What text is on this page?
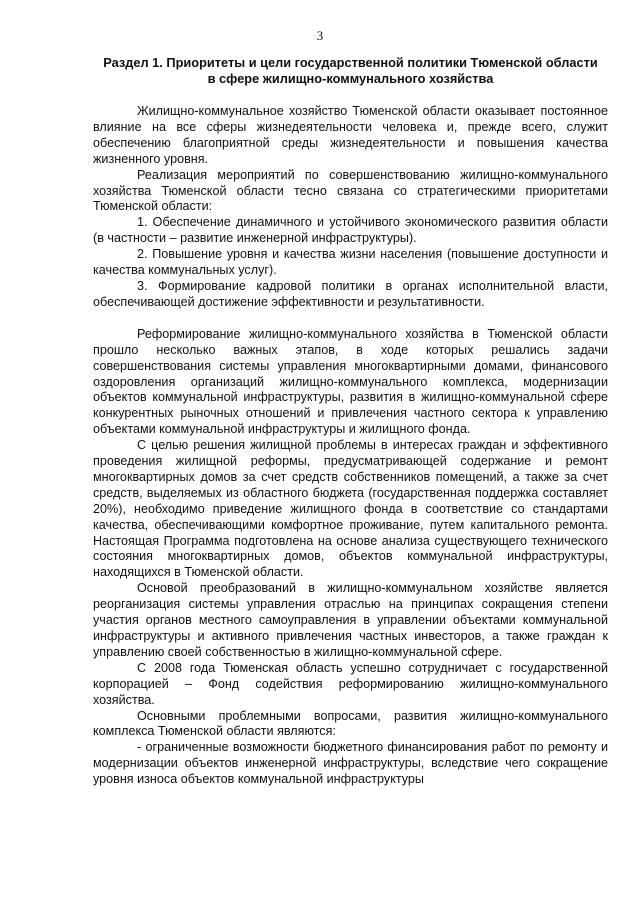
3
Раздел 1. Приоритеты и цели государственной политики Тюменской области в сфере жилищно-коммунального хозяйства

Жилищно-коммунальное хозяйство Тюменской области оказывает постоянное влияние на все сферы жизнедеятельности человека и, прежде всего, служит обеспечению благоприятной среды жизнедеятельности и повышения качества жизненного уровня.

Реализация мероприятий по совершенствованию жилищно-коммунального хозяйства Тюменской области тесно связана со стратегическими приоритетами Тюменской области:

1. Обеспечение динамичного и устойчивого экономического развития области (в частности – развитие инженерной инфраструктуры).

2. Повышение уровня и качества жизни населения (повышение доступности и качества коммунальных услуг).

3. Формирование кадровой политики в органах исполнительной власти, обеспечивающей достижение эффективности и результативности.

Реформирование жилищно-коммунального хозяйства в Тюменской области прошло несколько важных этапов, в ходе которых решались задачи совершенствования системы управления многоквартирными домами, финансового оздоровления организаций жилищно-коммунального комплекса, модернизации объектов коммунальной инфраструктуры, развития в жилищно-коммунальной сфере конкурентных рыночных отношений и привлечения частного сектора к управлению объектами коммунальной инфраструктуры и жилищного фонда.

С целью решения жилищной проблемы в интересах граждан и эффективного проведения жилищной реформы, предусматривающей содержание и ремонт многоквартирных домов за счет средств собственников помещений, а также за счет средств, выделяемых из областного бюджета (государственная поддержка составляет 20%), необходимо приведение жилищного фонда в соответствие со стандартами качества, обеспечивающими комфортное проживание, путем капитального ремонта. Настоящая Программа подготовлена на основе анализа существующего технического состояния многоквартирных домов, объектов коммунальной инфраструктуры, находящихся в Тюменской области.

Основой преобразований в жилищно-коммунальном хозяйстве является реорганизация системы управления отраслью на принципах сокращения степени участия органов местного самоуправления в управлении объектами коммунальной инфраструктуры и активного привлечения частных инвесторов, а также граждан к управлению своей собственностью в жилищно-коммунальной сфере.

С 2008 года Тюменская область успешно сотрудничает с государственной корпорацией – Фонд содействия реформированию жилищно-коммунального хозяйства.

Основными проблемными вопросами, развития жилищно-коммунального комплекса Тюменской области являются:

- ограниченные возможности бюджетного финансирования работ по ремонту и модернизации объектов инженерной инфраструктуры, вследствие чего сокращение уровня износа объектов коммунальной инфраструктуры
